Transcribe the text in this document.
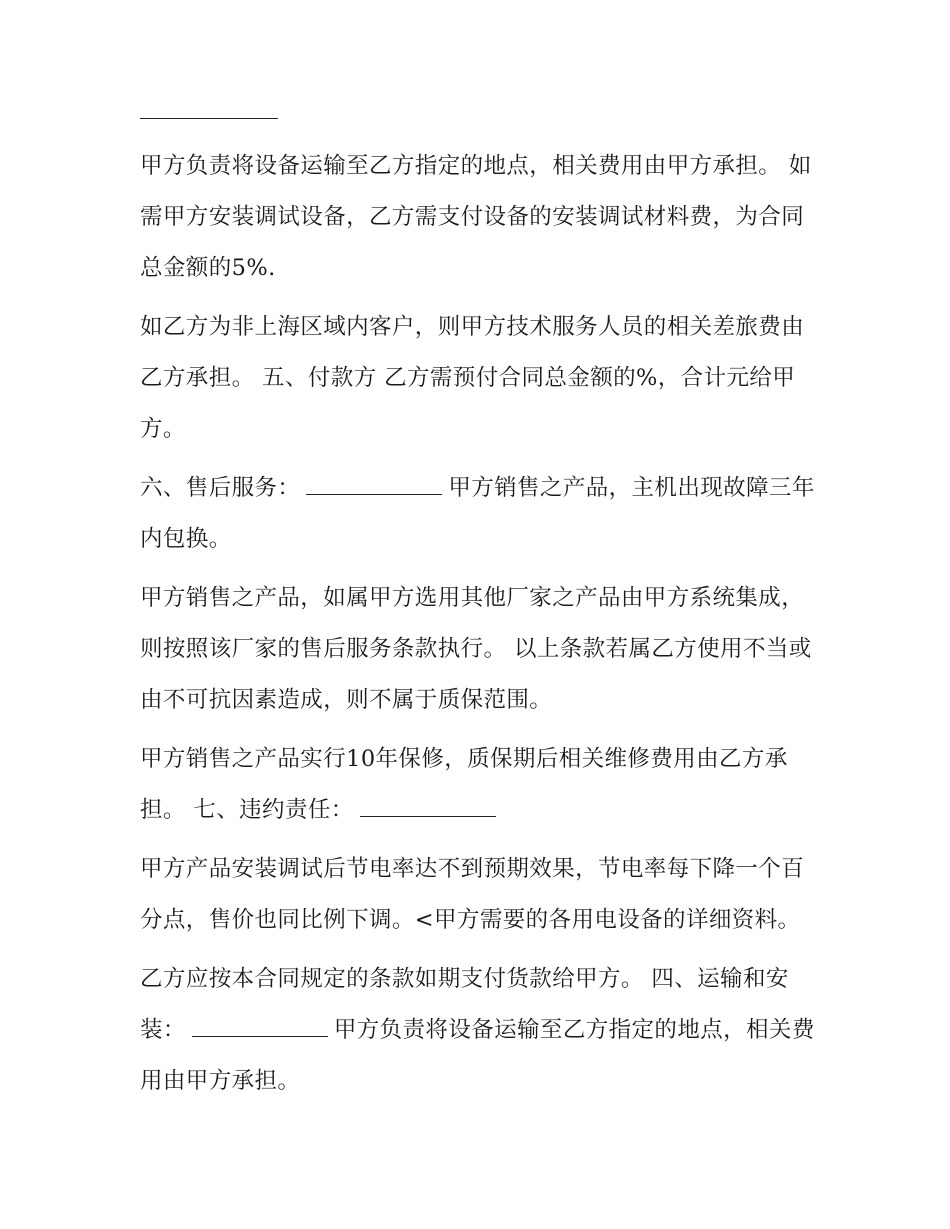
甲方负责将设备运输至乙方指定的地点，相关费用由甲方承担。 如需甲方安装调试设备，乙方需支付设备的安装调试材料费，为合同总金额的5%.

如乙方为非上海区域内客户，则甲方技术服务人员的相关差旅费由乙方承担。 五、付款方 乙方需预付合同总金额的%，合计元给甲方。

六、售后服务：	甲方销售之产品，主机出现故障三年内包换。

甲方销售之产品，如属甲方选用其他厂家之产品由甲方系统集成，则按照该厂家的售后服务条款执行。 以上条款若属乙方使用不当或由不可抗因素造成，则不属于质保范围。

甲方销售之产品实行10年保修，质保期后相关维修费用由乙方承担。 七、违约责任：

甲方产品安装调试后节电率达不到预期效果，节电率每下降一个百分点，售价也同比例下调。<甲方需要的各用电设备的详细资料。

乙方应按本合同规定的条款如期支付货款给甲方。 四、运输和安装：	甲方负责将设备运输至乙方指定的地点，相关费用由甲方承担。
